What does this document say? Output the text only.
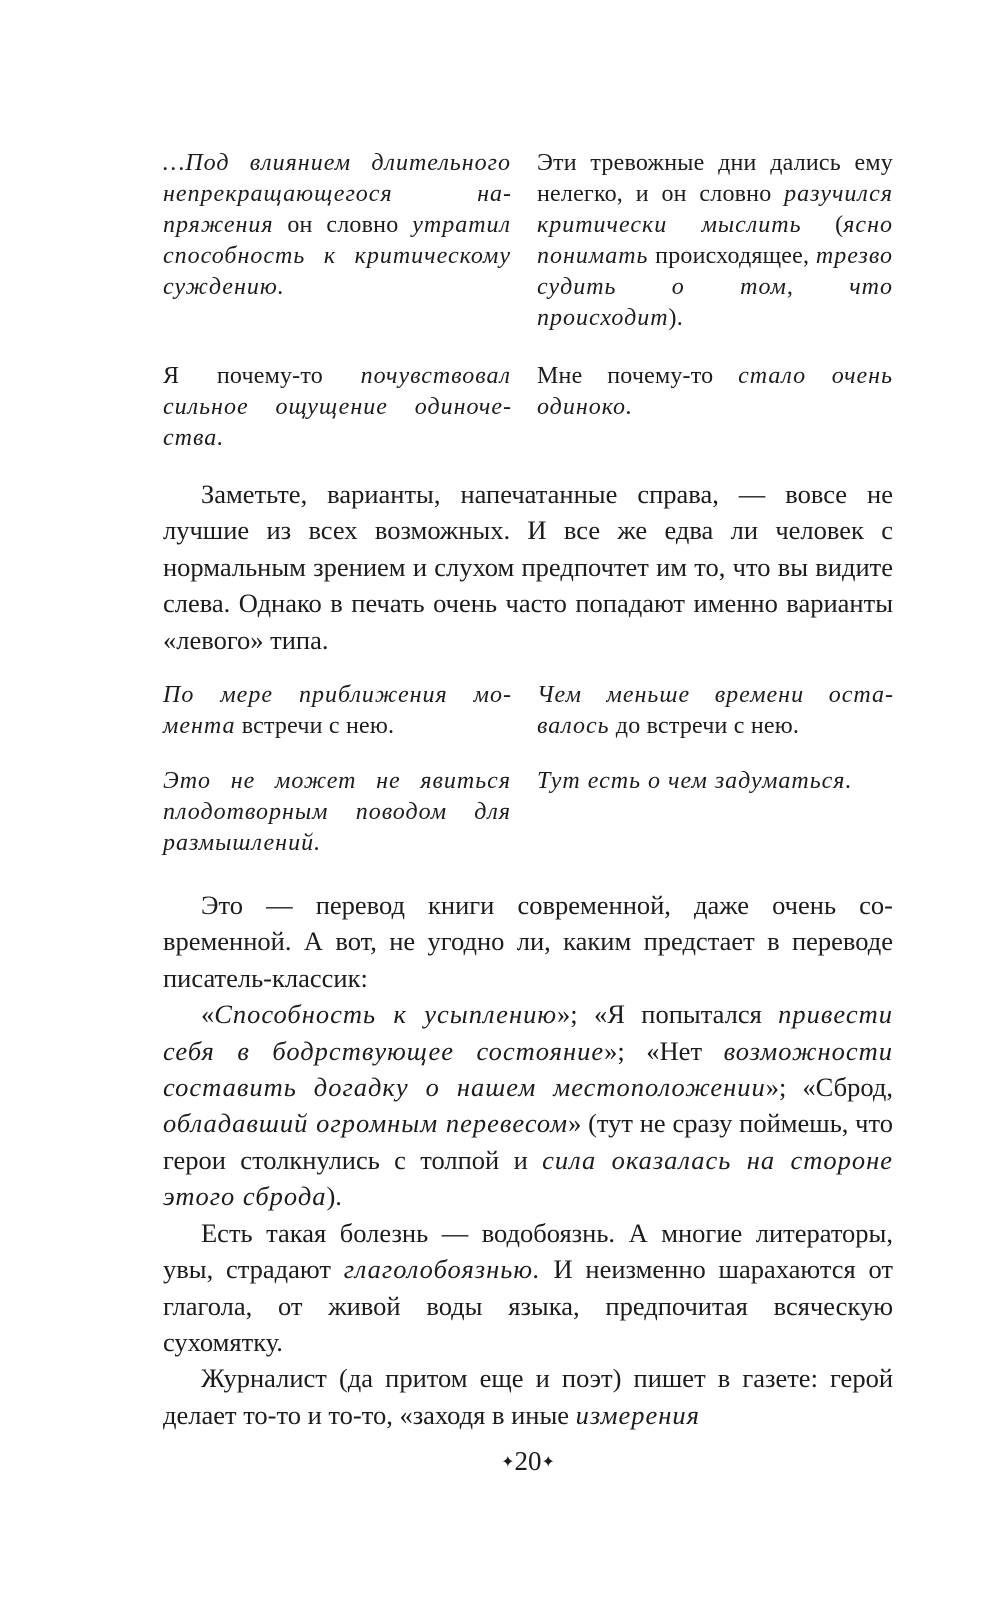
…Под влиянием длительного непрекращающегося напряжения он словно утратил способность к критическому суждению.
Эти тревожные дни дались ему нелегко, и он словно разучился критически мыслить (ясно понимать происходящее, трезво судить о том, что происходит).
Я почему-то почувствовал сильное ощущение одиночества.
Мне почему-то стало очень одиноко.

Заметьте, варианты, напечатанные справа, — вовсе не лучшие из всех возможных. И все же едва ли человек с нормальным зрением и слухом предпочтет им то, что вы видите слева. Однако в печать очень часто попадают именно варианты «левого» типа.

По мере приближения момента встречи с нею.
Чем меньше времени оставалось до встречи с нею.
Это не может не явиться плодотворным поводом для размышлений.
Тут есть о чем задуматься.

Это — перевод книги современной, даже очень современной. А вот, не угодно ли, каким предстает в переводе писатель-классик:

«Способность к усыплению»; «Я попытался привести себя в бодрствующее состояние»; «Нет возможности составить догадку о нашем местоположении»; «Сброд, обладавший огромным перевесом» (тут не сразу поймешь, что герои столкнулись с толпой и сила оказалась на стороне этого сброда).

Есть такая болезнь — водобоязнь. А многие литераторы, увы, страдают глаголобоязнью. И неизменно шарахаются от глагола, от живой воды языка, предпочитая всяческую сухомятку.

Журналист (да притом еще и поэт) пишет в газете: герой делает то-то и то-то, «заходя в иные измерения

✦20✦
